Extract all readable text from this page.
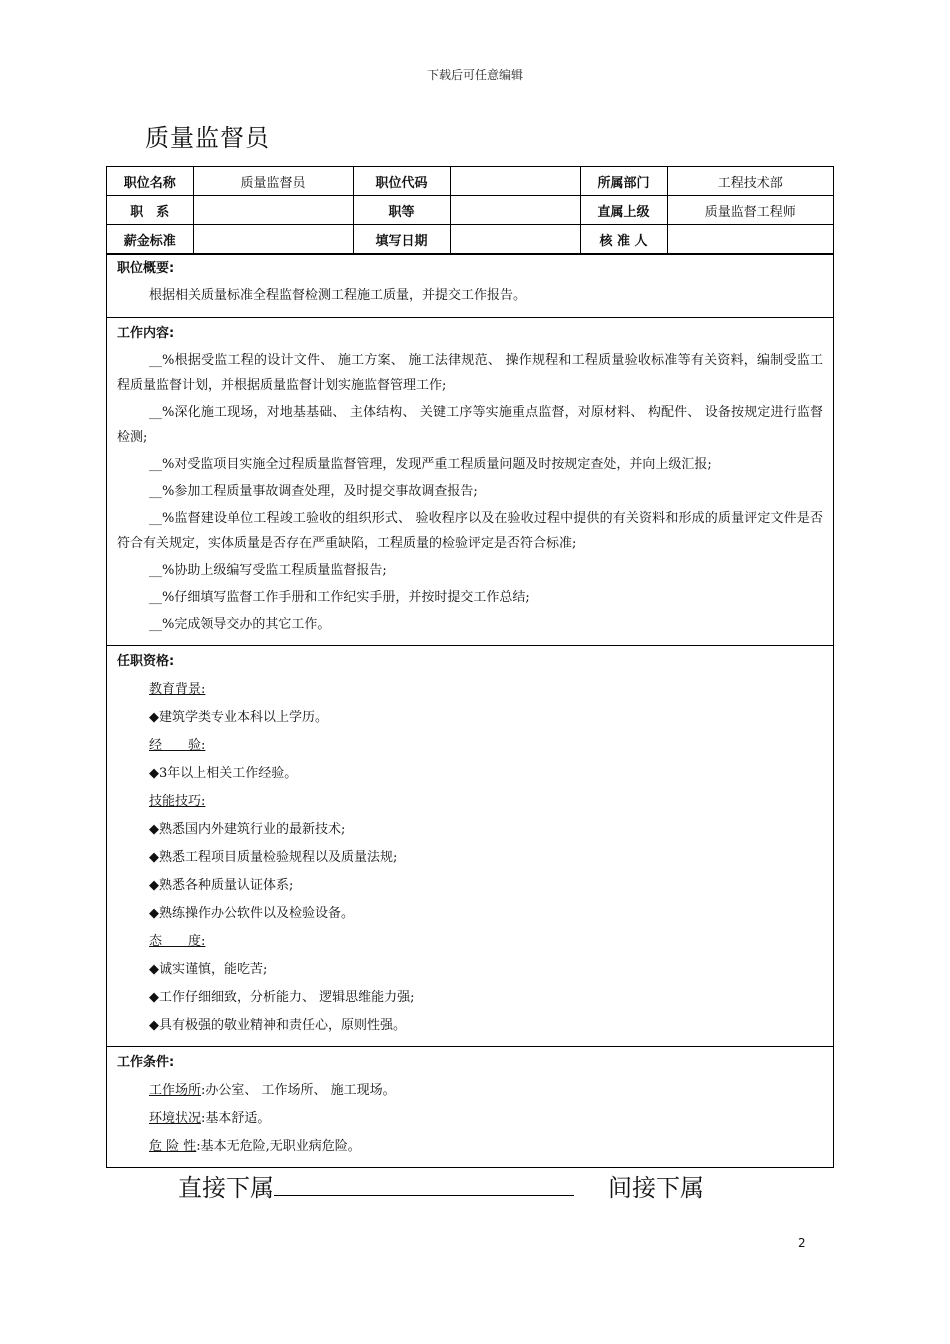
下载后可任意编辑
质量监督员
职位名称	质量监督员	职位代码		所属部门	工程技术部
职　系		职等		直属上级	质量监督工程师
薪金标准		填写日期		核 准 人	
职位概要:
根据相关质量标准全程监督检测工程施工质量，并提交工作报告。
工作内容:
__%根据受监工程的设计文件、 施工方案、 施工法律规范、 操作规程和工程质量验收标准等有关资料，编制受监工程质量监督计划，并根据质量监督计划实施监督管理工作;
__%深化施工现场，对地基基础、 主体结构、 关键工序等实施重点监督，对原材料、 构配件、 设备按规定进行监督检测;
__%对受监项目实施全过程质量监督管理，发现严重工程质量问题及时按规定查处，并向上级汇报;
__%参加工程质量事故调查处理，及时提交事故调查报告;
__%监督建设单位工程竣工验收的组织形式、 验收程序以及在验收过程中提供的有关资料和形成的质量评定文件是否符合有关规定，实体质量是否存在严重缺陷，工程质量的检验评定是否符合标准;
__%协助上级编写受监工程质量监督报告;
__%仔细填写监督工作手册和工作纪实手册，并按时提交工作总结;
__%完成领导交办的其它工作。
任职资格:
教育背景:
◆建筑学类专业本科以上学历。
经　　验:
◆3年以上相关工作经验。
技能技巧:
◆熟悉国内外建筑行业的最新技术;
◆熟悉工程项目质量检验规程以及质量法规;
◆熟悉各种质量认证体系;
◆熟练操作办公软件以及检验设备。
态　　度:
◆诚实谨慎，能吃苦;
◆工作仔细细致，分析能力、 逻辑思维能力强;
◆具有极强的敬业精神和责任心，原则性强。
工作条件:
工作场所:办公室、 工作场所、 施工现场。
环境状况:基本舒适。
危 险 性:基本无危险,无职业病危险。
直接下属	间接下属
2
